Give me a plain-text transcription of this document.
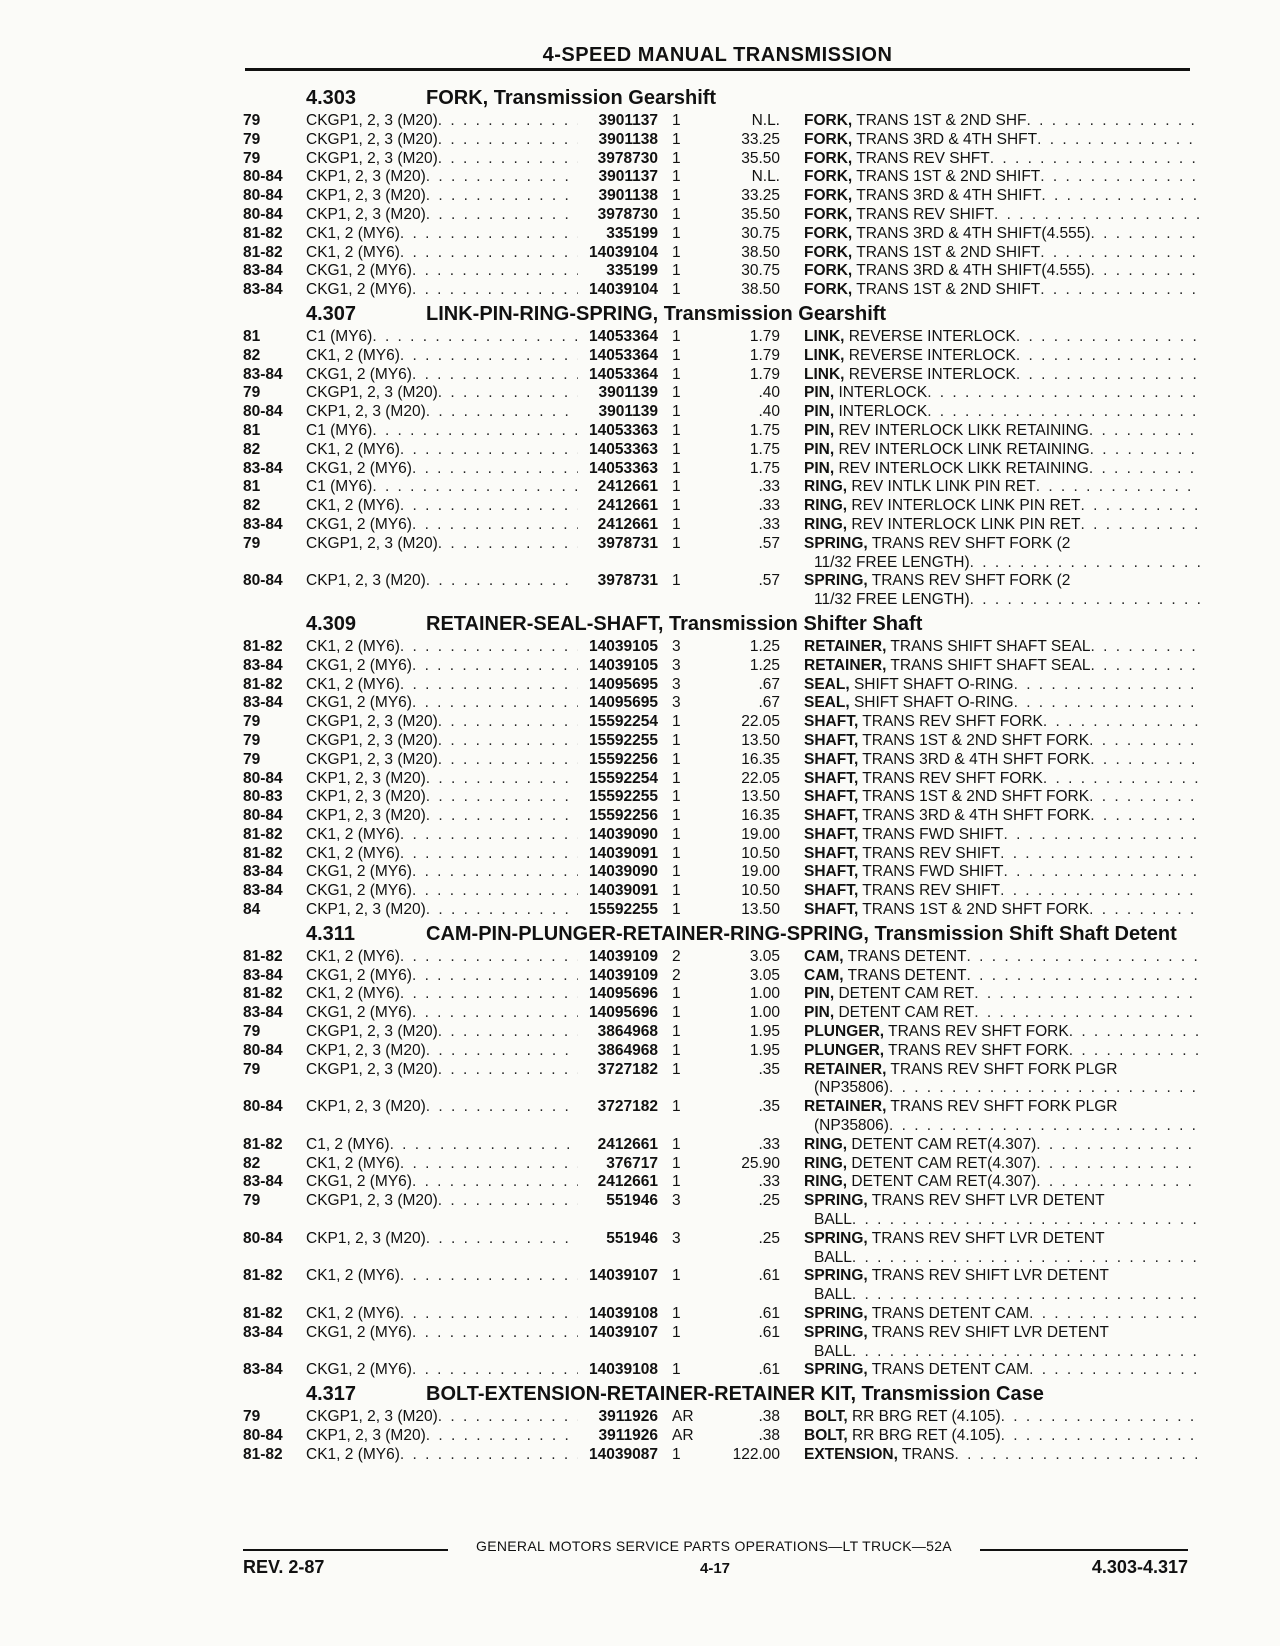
4-SPEED MANUAL TRANSMISSION
4.303	FORK, Transmission Gearshift
79	CKGP1, 2, 3 (M20) . . .	3901137 1	N.L. FORK, TRANS 1ST & 2ND SHF
. . .
79	CKGP1, 2, 3 (M20) . . .	3901138 1	33.25 FORK, TRANS 3RD & 4TH SHFT
. . .
79	CKGP1, 2, 3 (M20) . . .	3978730 1	35.50 FORK, TRANS REV SHFT
. . .
80-84	CKP1, 2, 3 (M20) . . .	3901137 1	N.L. FORK, TRANS 1ST & 2ND SHIFT
. . .
80-84	CKP1, 2, 3 (M20) . . .	3901138 1	33.25 FORK, TRANS 3RD & 4TH SHIFT
. . .
80-84	CKP1, 2, 3 (M20) . . .	3978730 1	35.50 FORK, TRANS REV SHIFT
. . .
81-82	CK1, 2 (MY6) . . .	335199 1	30.75 FORK, TRANS 3RD & 4TH SHIFT(4.555)
. . .
81-82	CK1, 2 (MY6) . . .	14039104 1	38.50 FORK, TRANS 1ST & 2ND SHIFT
. . .
83-84	CKG1, 2 (MY6) . . .	335199 1	30.75 FORK, TRANS 3RD & 4TH SHIFT(4.555)
. . .
83-84	CKG1, 2 (MY6) . . .	14039104 1	38.50 FORK, TRANS 1ST & 2ND SHIFT
. . .
4.307	LINK-PIN-RING-SPRING, Transmission Gearshift
81	C1 (MY6) . . .	14053364 1	1.79 LINK, REVERSE INTERLOCK
. . .
82	CK1, 2 (MY6) . . .	14053364 1	1.79 LINK, REVERSE INTERLOCK
. . .
83-84	CKG1, 2 (MY6) . . .	14053364 1	1.79 LINK, REVERSE INTERLOCK
. . .
79	CKGP1, 2, 3 (M20) . . .	3901139 1	.40 PIN, INTERLOCK
. . .
80-84	CKP1, 2, 3 (M20) . . .	3901139 1	.40 PIN, INTERLOCK
. . .
81	C1 (MY6) . . .	14053363 1	1.75 PIN, REV INTERLOCK LIKK RETAINING
. . .
82	CK1, 2 (MY6) . . .	14053363 1	1.75 PIN, REV INTERLOCK LINK RETAINING
. . .
83-84	CKG1, 2 (MY6) . . .	14053363 1	1.75 PIN, REV INTERLOCK LIKK RETAINING
. . .
81	C1 (MY6) . . .	2412661 1	.33 RING, REV INTLK LINK PIN RET
. . .
82	CK1, 2 (MY6) . . .	2412661 1	.33 RING, REV INTERLOCK LINK PIN RET
. . .
83-84	CKG1, 2 (MY6) . . .	2412661 1	.33 RING, REV INTERLOCK LINK PIN RET
. . .
79	CKGP1, 2, 3 (M20) . . .	3978731 1	.57 SPRING, TRANS REV SHFT FORK (2
11/32 FREE LENGTH)
. . .
80-84	CKP1, 2, 3 (M20) . . .	3978731 1	.57 SPRING, TRANS REV SHFT FORK (2
11/32 FREE LENGTH)
. . .
4.309	RETAINER-SEAL-SHAFT, Transmission Shifter Shaft
81-82	CK1, 2 (MY6) . . .	14039105 3	1.25 RETAINER, TRANS SHIFT SHAFT SEAL
. . .
83-84	CKG1, 2 (MY6) . . .	14039105 3	1.25 RETAINER, TRANS SHIFT SHAFT SEAL
. . .
81-82	CK1, 2 (MY6) . . .	14095695 3	.67 SEAL, SHIFT SHAFT O-RING
. . .
83-84	CKG1, 2 (MY6) . . .	14095695 3	.67 SEAL, SHIFT SHAFT O-RING
. . .
79	CKGP1, 2, 3 (M20) . . .	15592254 1	22.05 SHAFT, TRANS REV SHFT FORK
. . .
79	CKGP1, 2, 3 (M20) . . .	15592255 1	13.50 SHAFT, TRANS 1ST & 2ND SHFT FORK
. . .
79	CKGP1, 2, 3 (M20) . . .	15592256 1	16.35 SHAFT, TRANS 3RD & 4TH SHFT FORK
. . .
80-84	CKP1, 2, 3 (M20) . . .	15592254 1	22.05 SHAFT, TRANS REV SHFT FORK
. . .
80-83	CKP1, 2, 3 (M20) . . .	15592255 1	13.50 SHAFT, TRANS 1ST & 2ND SHFT FORK
. . .
80-84	CKP1, 2, 3 (M20) . . .	15592256 1	16.35 SHAFT, TRANS 3RD & 4TH SHFT FORK
. . .
81-82	CK1, 2 (MY6) . . .	14039090 1	19.00 SHAFT, TRANS FWD SHIFT
. . .
81-82	CK1, 2 (MY6) . . .	14039091 1	10.50 SHAFT, TRANS REV SHIFT
. . .
83-84	CKG1, 2 (MY6) . . .	14039090 1	19.00 SHAFT, TRANS FWD SHIFT
. . .
83-84	CKG1, 2 (MY6) . . .	14039091 1	10.50 SHAFT, TRANS REV SHIFT
. . .
84	CKP1, 2, 3 (M20) . . .	15592255 1	13.50 SHAFT, TRANS 1ST & 2ND SHFT FORK
. . .
4.311	CAM-PIN-PLUNGER-RETAINER-RING-SPRING, Transmission Shift Shaft Detent
81-82	CK1, 2 (MY6) . . .	14039109 2	3.05 CAM, TRANS DETENT
. . .
83-84	CKG1, 2 (MY6) . . .	14039109 2	3.05 CAM, TRANS DETENT
. . .
81-82	CK1, 2 (MY6) . . .	14095696 1	1.00 PIN, DETENT CAM RET
. . .
83-84	CKG1, 2 (MY6) . . .	14095696 1	1.00 PIN, DETENT CAM RET
. . .
79	CKGP1, 2, 3 (M20) . . .	3864968 1	1.95 PLUNGER, TRANS REV SHFT FORK
. . .
80-84	CKP1, 2, 3 (M20) . . .	3864968 1	1.95 PLUNGER, TRANS REV SHFT FORK
. . .
79	CKGP1, 2, 3 (M20) . . .	3727182 1	.35 RETAINER, TRANS REV SHFT FORK PLGR
(NP35806)
. . .
80-84	CKP1, 2, 3 (M20) . . .	3727182 1	.35 RETAINER, TRANS REV SHFT FORK PLGR
(NP35806)
. . .
81-82	C1, 2 (MY6) . . .	2412661 1	.33 RING, DETENT CAM RET(4.307)
. . .
82	CK1, 2 (MY6) . . .	376717 1	25.90 RING, DETENT CAM RET(4.307)
. . .
83-84	CKG1, 2 (MY6) . . .	2412661 1	.33 RING, DETENT CAM RET(4.307)
. . .
79	CKGP1, 2, 3 (M20) . . .	551946 3	.25 SPRING, TRANS REV SHFT LVR DETENT
BALL
. . .
80-84	CKP1, 2, 3 (M20) . . .	551946 3	.25 SPRING, TRANS REV SHFT LVR DETENT
BALL
. . .
81-82	CK1, 2 (MY6) . . .	14039107 1	.61 SPRING, TRANS REV SHIFT LVR DETENT
BALL
. . .
81-82	CK1, 2 (MY6) . . .	14039108 1	.61 SPRING, TRANS DETENT CAM
. . .
83-84	CKG1, 2 (MY6) . . .	14039107 1	.61 SPRING, TRANS REV SHIFT LVR DETENT
BALL
. . .
83-84	CKG1, 2 (MY6) . . .	14039108 1	.61 SPRING, TRANS DETENT CAM
. . .
4.317	BOLT-EXTENSION-RETAINER-RETAINER KIT, Transmission Case
79	CKGP1, 2, 3 (M20) . . .	3911926 AR	.38 BOLT, RR BRG RET (4.105)
. . .
80-84	CKP1, 2, 3 (M20) . . .	3911926 AR	.38 BOLT, RR BRG RET (4.105)
. . .
81-82	CK1, 2 (MY6) . . .	14039087 1	122.00 EXTENSION, TRANS
. . .
GENERAL MOTORS SERVICE PARTS OPERATIONS—LT TRUCK—52A
REV. 2-87	4-17	4.303-4.317
